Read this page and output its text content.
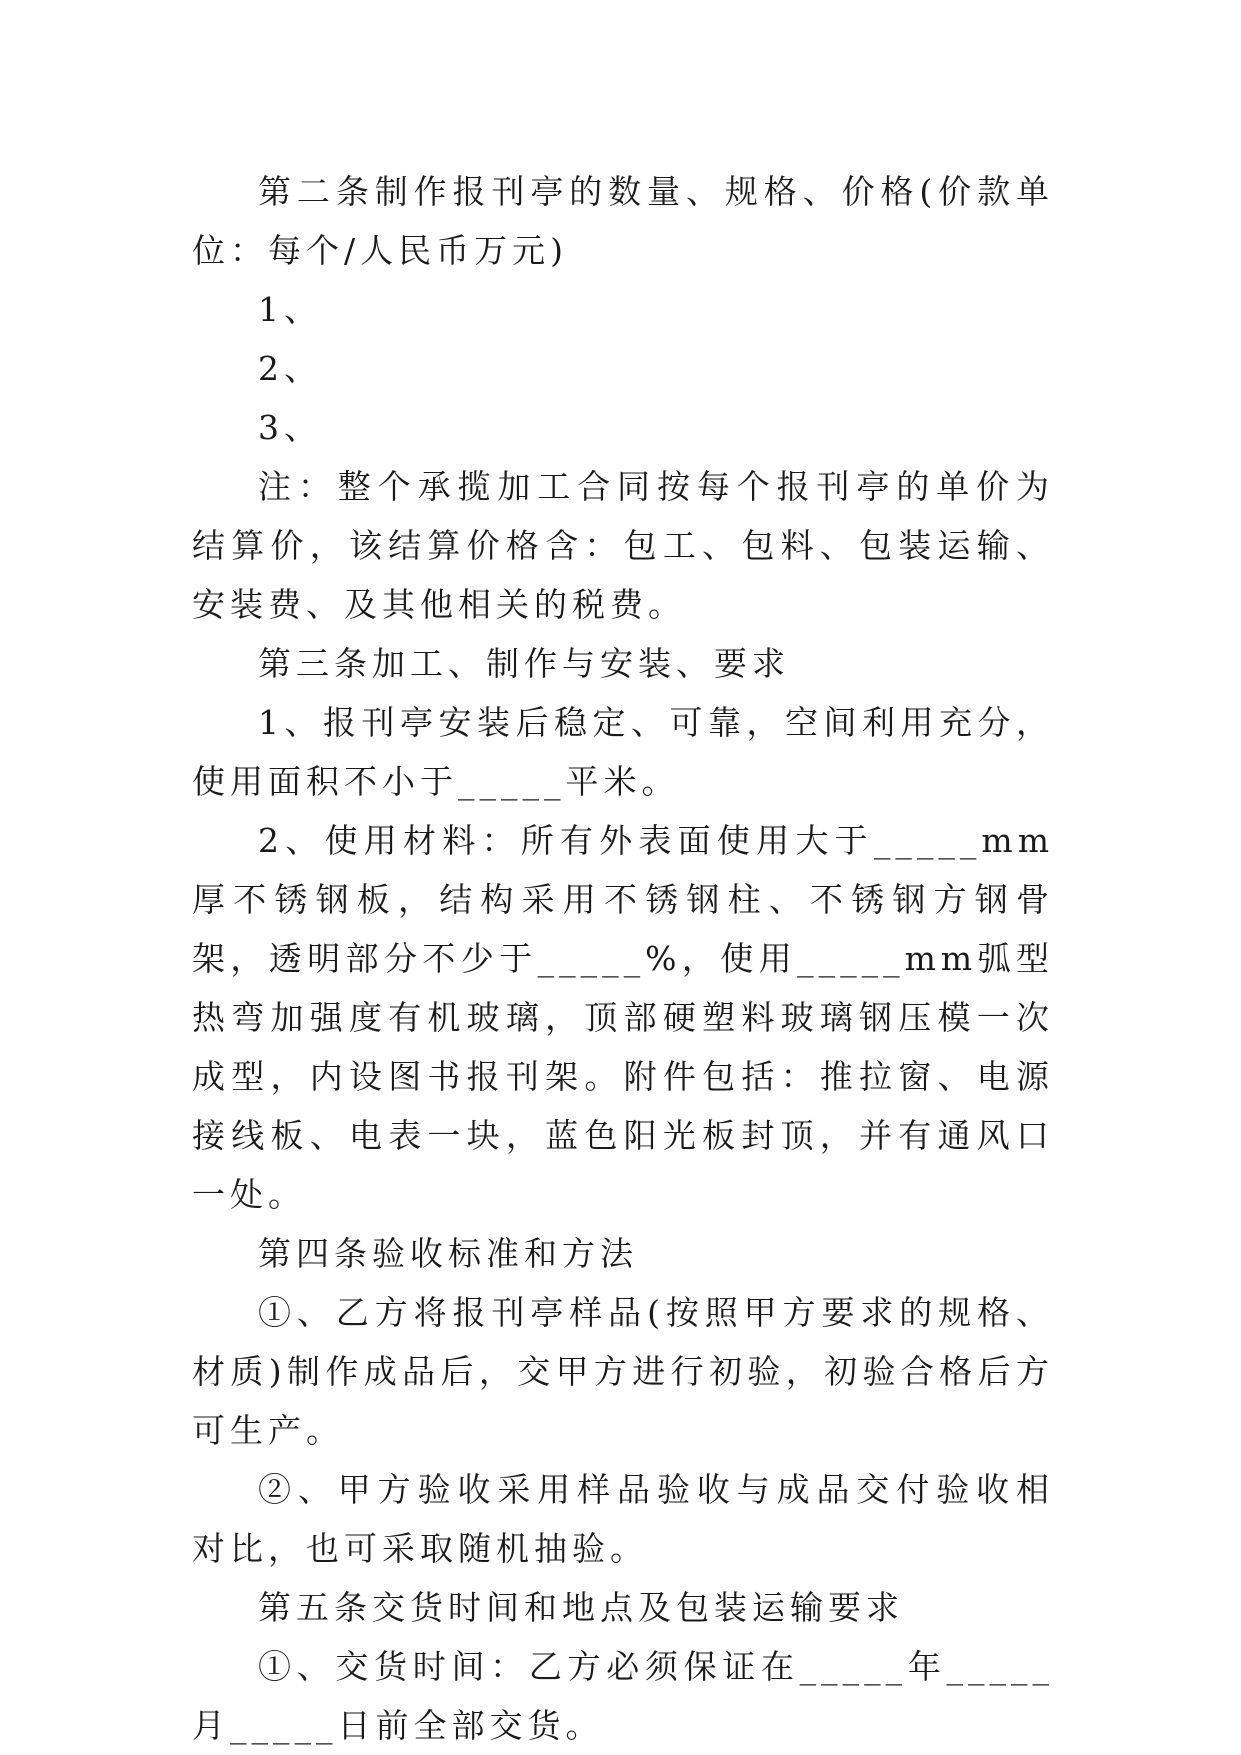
第二条制作报刊亭的数量、规格、价格(价款单位：每个/人民币万元)

1、

2、

3、

注：整个承揽加工合同按每个报刊亭的单价为结算价，该结算价格含：包工、包料、包装运输、安装费、及其他相关的税费。

第三条加工、制作与安装、要求

1、报刊亭安装后稳定、可靠，空间利用充分，使用面积不小于_____平米。

2、使用材料：所有外表面使用大于_____mm厚不锈钢板，结构采用不锈钢柱、不锈钢方钢骨架，透明部分不少于_____%，使用_____mm弧型热弯加强度有机玻璃，顶部硬塑料玻璃钢压模一次成型，内设图书报刊架。附件包括：推拉窗、电源接线板、电表一块，蓝色阳光板封顶，并有通风口一处。

第四条验收标准和方法

①、乙方将报刊亭样品(按照甲方要求的规格、材质)制作成品后，交甲方进行初验，初验合格后方可生产。

②、甲方验收采用样品验收与成品交付验收相对比，也可采取随机抽验。

第五条交货时间和地点及包装运输要求

①、交货时间：乙方必须保证在_____年_____月_____日前全部交货。
